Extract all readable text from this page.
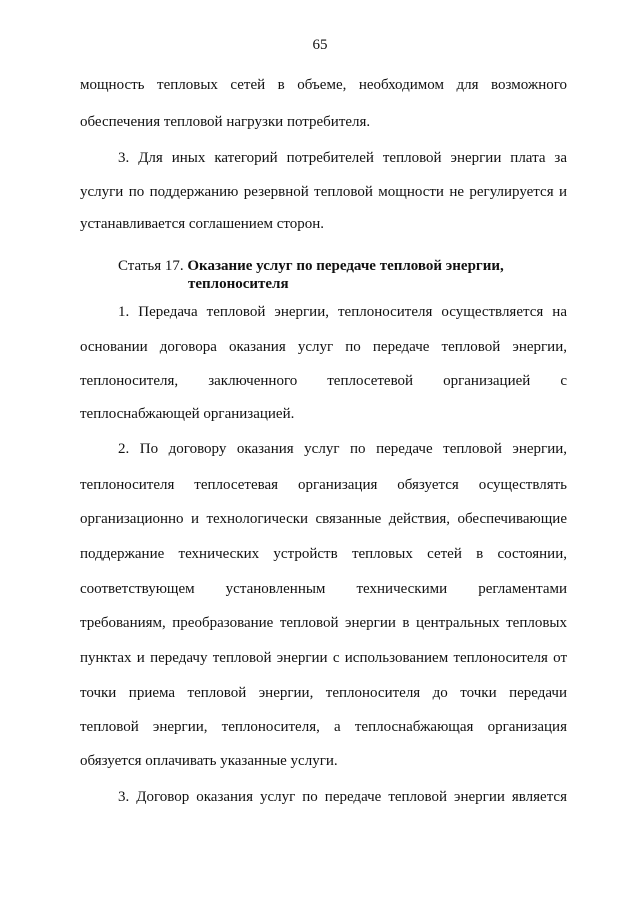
65
мощность тепловых сетей в объеме, необходимом для возможного
обеспечения тепловой нагрузки потребителя.
3. Для иных категорий потребителей тепловой энергии плата за
услуги по поддержанию резервной тепловой мощности не регулируется и
устанавливается соглашением сторон.
Статья 17. Оказание услуг по передаче тепловой энергии,
теплоносителя
1. Передача тепловой энергии, теплоносителя осуществляется на
основании договора оказания услуг по передаче тепловой энергии,
теплоносителя, заключенного теплосетевой организацией с
теплоснабжающей организацией.
2. По договору оказания услуг по передаче тепловой энергии,
теплоносителя теплосетевая организация обязуется осуществлять
организационно и технологически связанные действия, обеспечивающие
поддержание технических устройств тепловых сетей в состоянии,
соответствующем установленным техническими регламентами
требованиям, преобразование тепловой энергии в центральных тепловых
пунктах и передачу тепловой энергии с использованием теплоносителя от
точки приема тепловой энергии, теплоносителя до точки передачи
тепловой энергии, теплоносителя, а теплоснабжающая организация
обязуется оплачивать указанные услуги.
3. Договор оказания услуг по передаче тепловой энергии является
